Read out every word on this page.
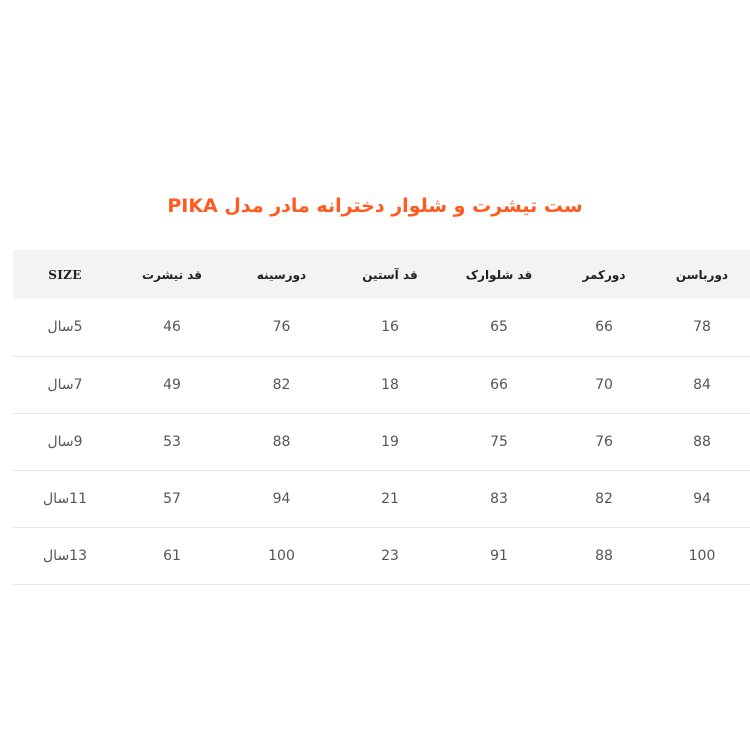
ست تیشرت و شلوار دخترانه مادر مدل PIKA
SIZE	قد تیشرت	دورسینه	قد آستین	قد شلوارک	دورکمر	دورباسن
5سال	46	76	16	65	66	78
7سال	49	82	18	66	70	84
9سال	53	88	19	75	76	88
11سال	57	94	21	83	82	94
13سال	61	100	23	91	88	100
